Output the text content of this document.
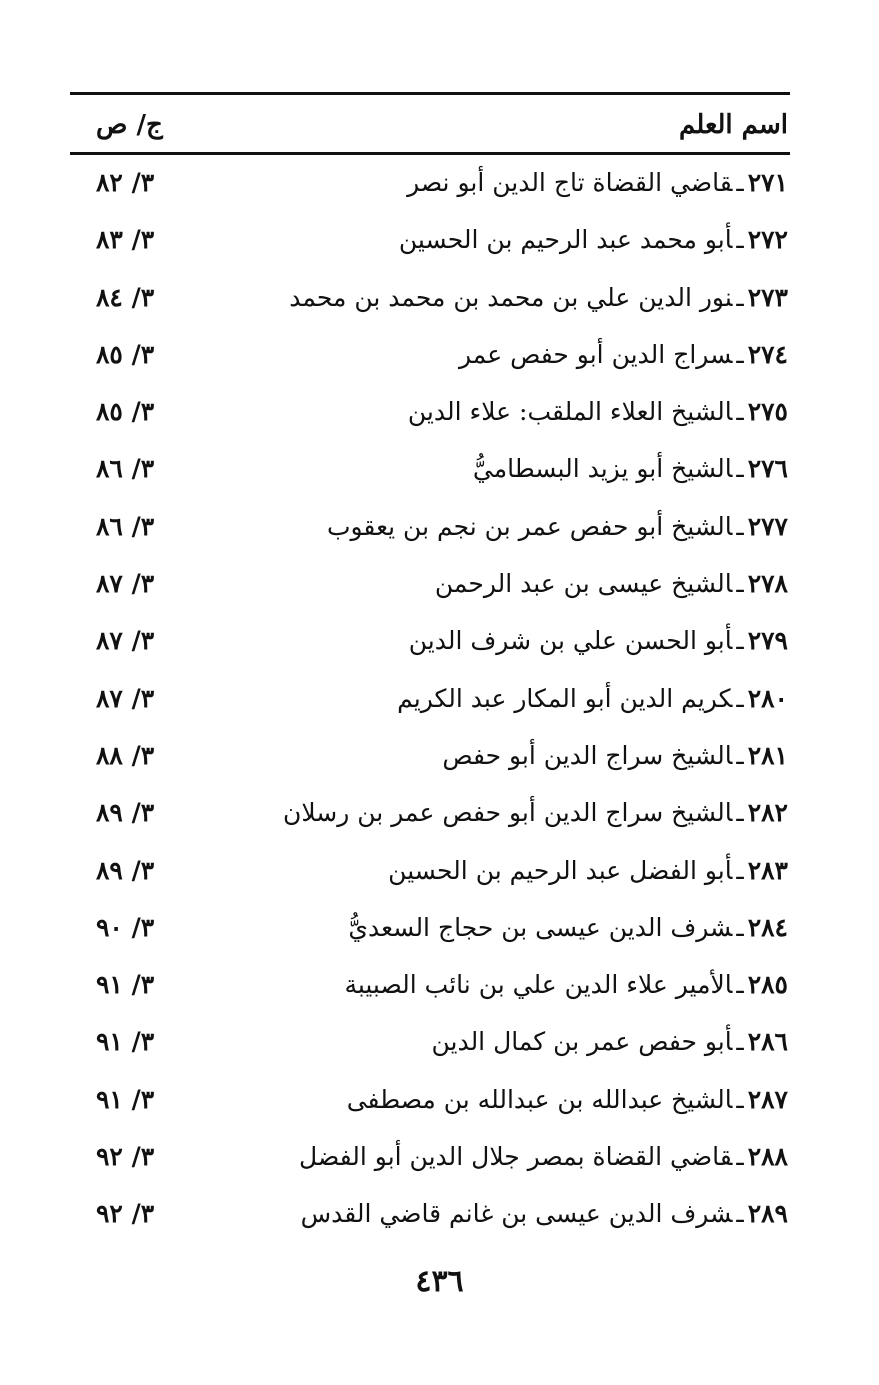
اسم العلم
ج/ ص
٢٧١ـقاضي القضاة تاج الدين أبو نصر
٣/ ٨٢
٢٧٢ـأبو محمد عبد الرحيم بن الحسين
٣/ ٨٣
٢٧٣ـنور الدين علي بن محمد بن محمد بن محمد
٣/ ٨٤
٢٧٤ـسراج الدين أبو حفص عمر
٣/ ٨٥
٢٧٥ـالشيخ العلاء الملقب: علاء الدين
٣/ ٨٥
٢٧٦ـالشيخ أبو يزيد البسطاميُّ
٣/ ٨٦
٢٧٧ـالشيخ أبو حفص عمر بن نجم بن يعقوب
٣/ ٨٦
٢٧٨ـالشيخ عيسى بن عبد الرحمن
٣/ ٨٧
٢٧٩ـأبو الحسن علي بن شرف الدين
٣/ ٨٧
٢٨٠ـكريم الدين أبو المكار عبد الكريم
٣/ ٨٧
٢٨١ـالشيخ سراج الدين أبو حفص
٣/ ٨٨
٢٨٢ـالشيخ سراج الدين أبو حفص عمر بن رسلان
٣/ ٨٩
٢٨٣ـأبو الفضل عبد الرحيم بن الحسين
٣/ ٨٩
٢٨٤ـشرف الدين عيسى بن حجاج السعديُّ
٣/ ٩٠
٢٨٥ـالأمير علاء الدين علي بن نائب الصبيبة
٣/ ٩١
٢٨٦ـأبو حفص عمر بن كمال الدين
٣/ ٩١
٢٨٧ـالشيخ عبدالله بن عبدالله بن مصطفى
٣/ ٩١
٢٨٨ـقاضي القضاة بمصر جلال الدين أبو الفضل
٣/ ٩٢
٢٨٩ـشرف الدين عيسى بن غانم قاضي القدس
٣/ ٩٢
٤٣٦
